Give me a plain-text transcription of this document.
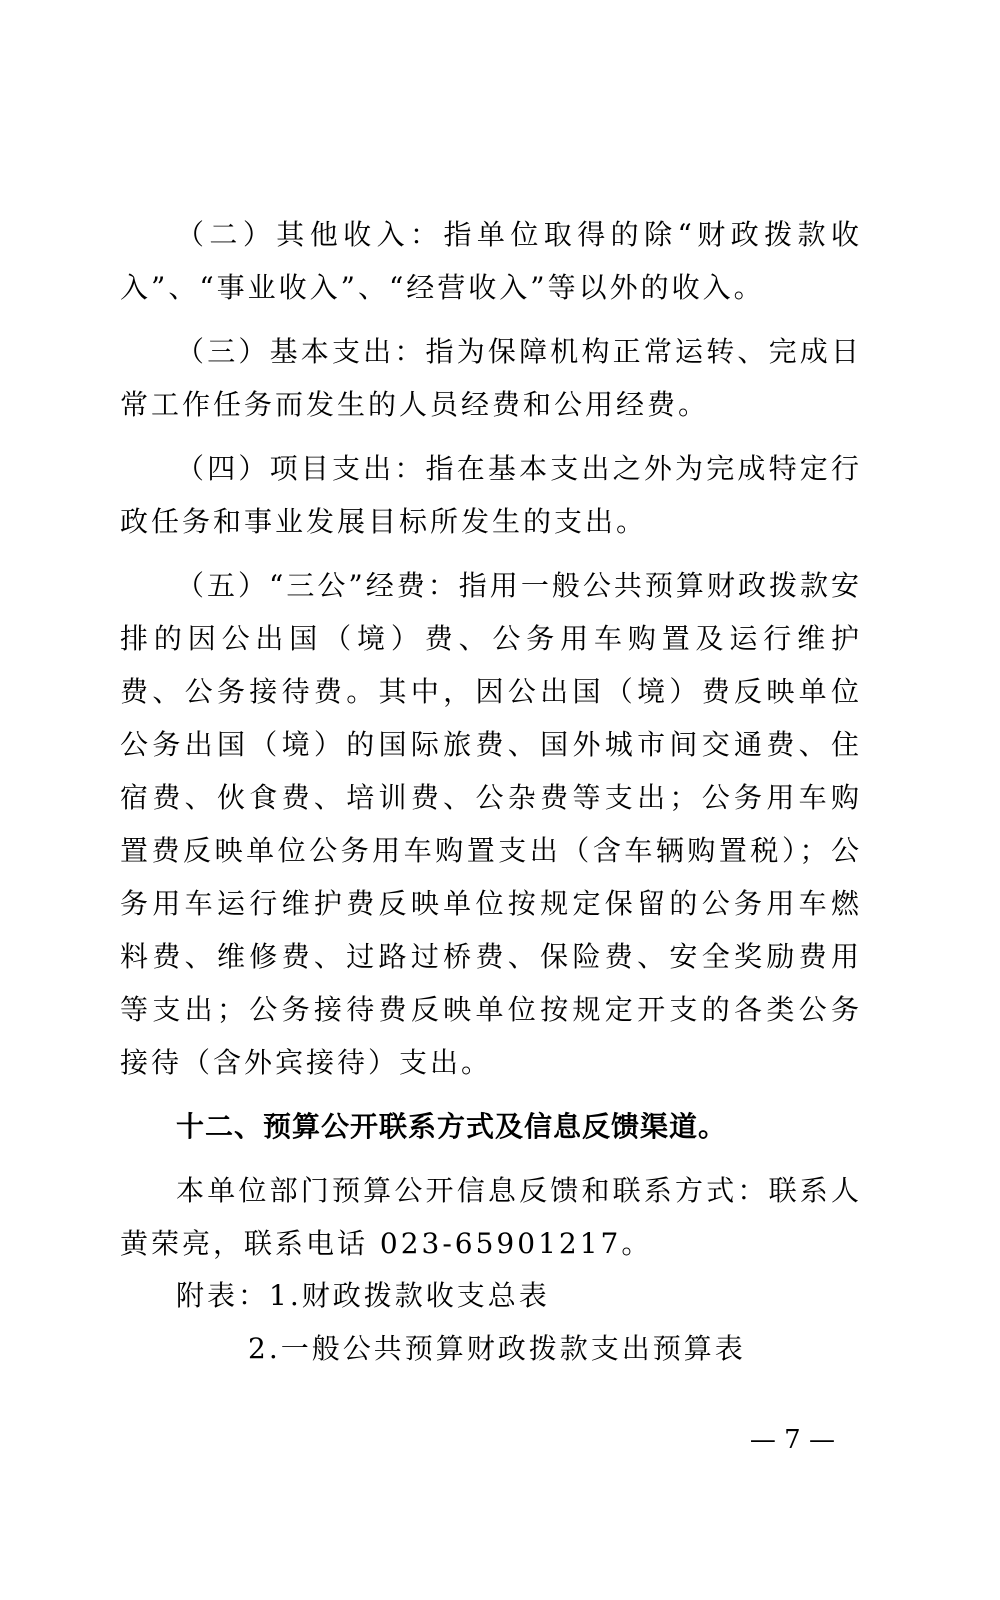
（二）其他收入：指单位取得的除“财政拨款收入”、“事业收入”、“经营收入”等以外的收入。

（三）基本支出：指为保障机构正常运转、完成日常工作任务而发生的人员经费和公用经费。

（四）项目支出：指在基本支出之外为完成特定行政任务和事业发展目标所发生的支出。

（五）“三公”经费：指用一般公共预算财政拨款安排的因公出国（境）费、公务用车购置及运行维护费、公务接待费。其中，因公出国（境）费反映单位公务出国（境）的国际旅费、国外城市间交通费、住宿费、伙食费、培训费、公杂费等支出；公务用车购置费反映单位公务用车购置支出（含车辆购置税）；公务用车运行维护费反映单位按规定保留的公务用车燃料费、维修费、过路过桥费、保险费、安全奖励费用等支出；公务接待费反映单位按规定开支的各类公务接待（含外宾接待）支出。

十二、预算公开联系方式及信息反馈渠道。

本单位部门预算公开信息反馈和联系方式：联系人黄荣亮，联系电话 023-65901217。

附表：1.财政拨款收支总表
2.一般公共预算财政拨款支出预算表
— 7 —
